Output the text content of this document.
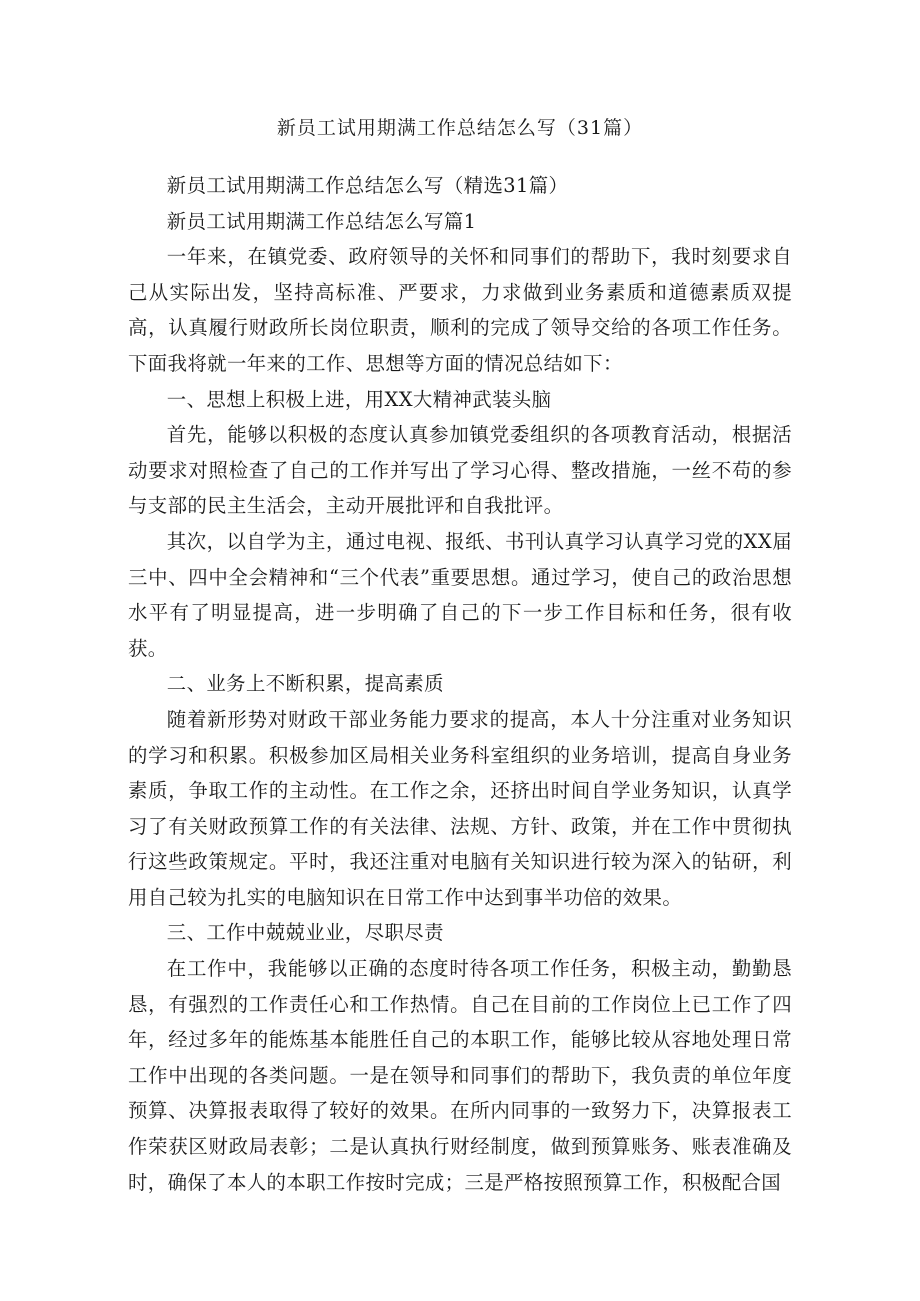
新员工试用期满工作总结怎么写（31篇）

新员工试用期满工作总结怎么写（精选31篇）

新员工试用期满工作总结怎么写篇1

一年来，在镇党委、政府领导的关怀和同事们的帮助下，我时刻要求自己从实际出发，坚持高标准、严要求，力求做到业务素质和道德素质双提高，认真履行财政所长岗位职责，顺利的完成了领导交给的各项工作任务。下面我将就一年来的工作、思想等方面的情况总结如下：

一、思想上积极上进，用XX大精神武装头脑

首先，能够以积极的态度认真参加镇党委组织的各项教育活动，根据活动要求对照检查了自己的工作并写出了学习心得、整改措施，一丝不苟的参与支部的民主生活会，主动开展批评和自我批评。

其次，以自学为主，通过电视、报纸、书刊认真学习认真学习党的XX届三中、四中全会精神和“三个代表”重要思想。通过学习，使自己的政治思想水平有了明显提高，进一步明确了自己的下一步工作目标和任务，很有收获。

二、业务上不断积累，提高素质

随着新形势对财政干部业务能力要求的提高，本人十分注重对业务知识的学习和积累。积极参加区局相关业务科室组织的业务培训，提高自身业务素质，争取工作的主动性。在工作之余，还挤出时间自学业务知识，认真学习了有关财政预算工作的有关法律、法规、方针、政策，并在工作中贯彻执行这些政策规定。平时，我还注重对电脑有关知识进行较为深入的钻研，利用自己较为扎实的电脑知识在日常工作中达到事半功倍的效果。

三、工作中兢兢业业，尽职尽责

在工作中，我能够以正确的态度时待各项工作任务，积极主动，勤勤恳恳，有强烈的工作责任心和工作热情。自己在目前的工作岗位上已工作了四年，经过多年的能炼基本能胜任自己的本职工作，能够比较从容地处理日常工作中出现的各类问题。一是在领导和同事们的帮助下，我负责的单位年度预算、决算报表取得了较好的效果。在所内同事的一致努力下，决算报表工作荣获区财政局表彰；二是认真执行财经制度，做到预算账务、账表准确及时，确保了本人的本职工作按时完成；三是严格按照预算工作，积极配合国
